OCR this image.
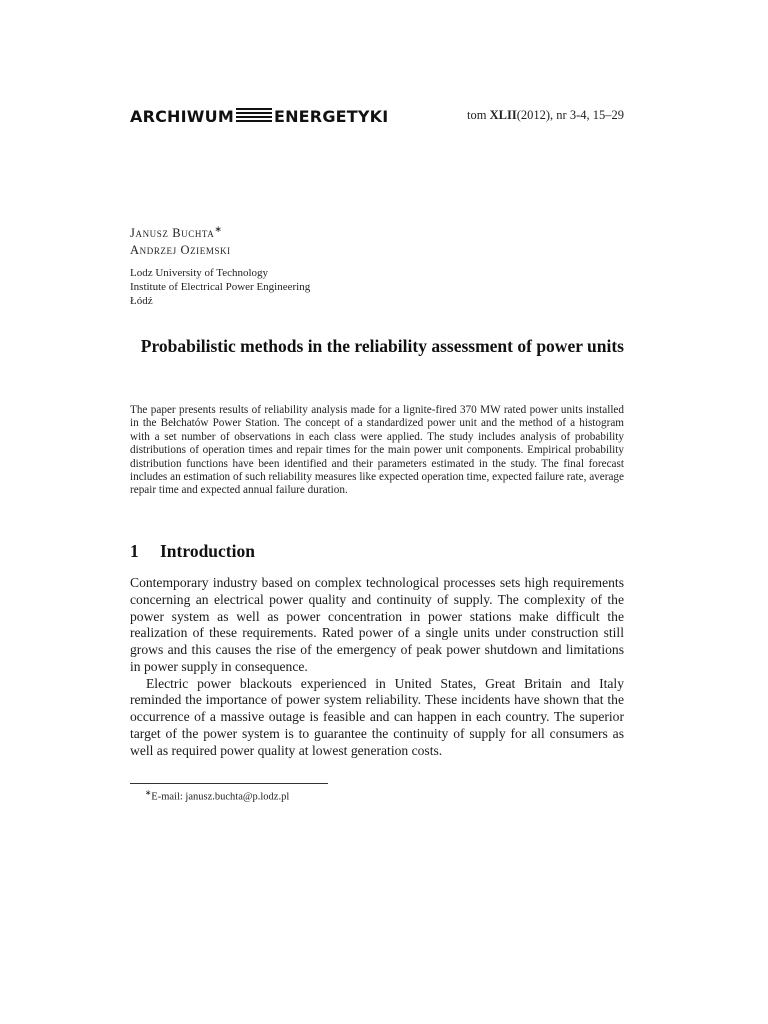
ARCHIWUM	ENERGETYKI	tom XLII(2012), nr 3-4, 15–29
Janusz Buchta∗
Andrzej Oziemski
Lodz University of Technology
Institute of Electrical Power Engineering
Łódź
Probabilistic methods in the reliability assessment of power units
The paper presents results of reliability analysis made for a lignite-fired 370 MW rated power units installed in the Bełchatów Power Station. The concept of a standardized power unit and the method of a histogram with a set number of observations in each class were applied. The study includes analysis of probability distributions of operation times and repair times for the main power unit components. Empirical probability distribution functions have been identified and their parameters estimated in the study. The final forecast includes an estimation of such reliability measures like expected operation time, expected failure rate, average repair time and expected annual failure duration.
1 Introduction

Contemporary industry based on complex technological processes sets high requirements concerning an electrical power quality and continuity of supply. The complexity of the power system as well as power concentration in power stations make difficult the realization of these requirements. Rated power of a single units under construction still grows and this causes the rise of the emergency of peak power shutdown and limitations in power supply in consequence.

Electric power blackouts experienced in United States, Great Britain and Italy reminded the importance of power system reliability. These incidents have shown that the occurrence of a massive outage is feasible and can happen in each country. The superior target of the power system is to guarantee the continuity of supply for all consumers as well as required power quality at lowest generation costs.

∗E-mail: janusz.buchta@p.lodz.pl
